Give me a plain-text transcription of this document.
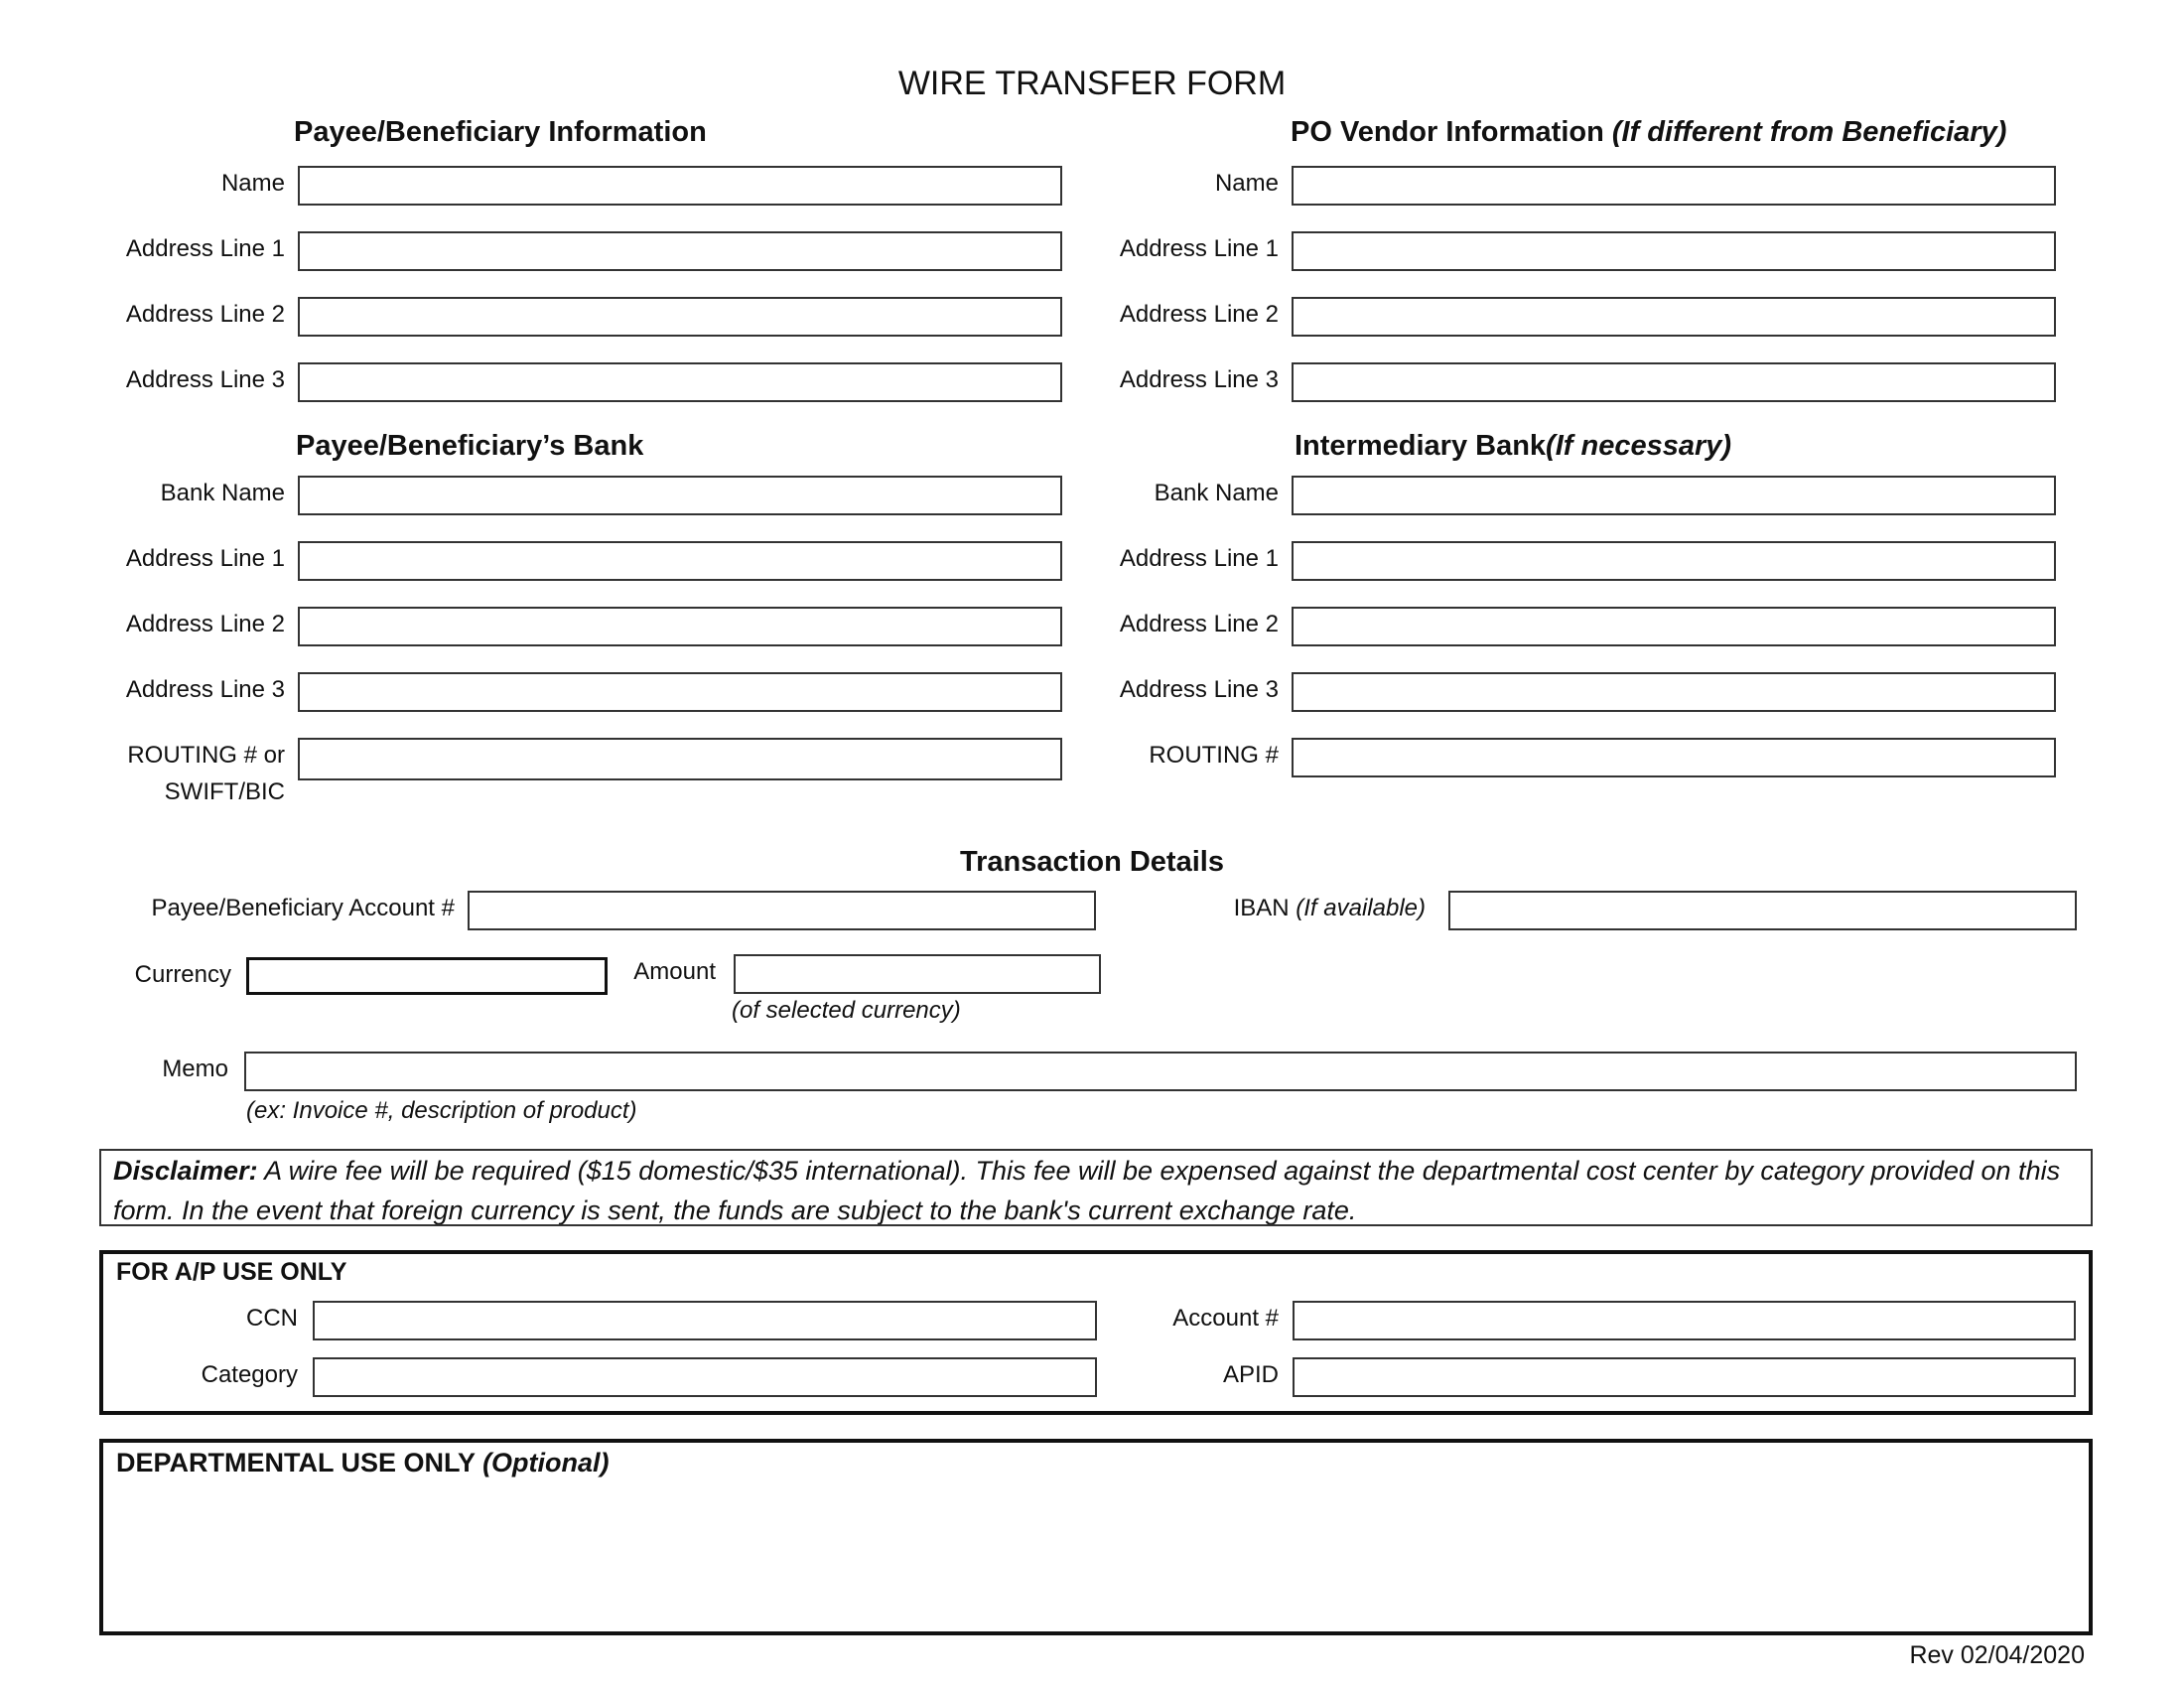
WIRE TRANSFER FORM
Payee/Beneficiary Information
Name
Address Line 1
Address Line 2
Address Line 3
PO Vendor Information (If different from Beneficiary)
Name
Address Line 1
Address Line 2
Address Line 3
Payee/Beneficiary’s Bank
Bank Name
Address Line 1
Address Line 2
Address Line 3
ROUTING # or
SWIFT/BIC
Intermediary Bank(If necessary)
Bank Name
Address Line 1
Address Line 2
Address Line 3
ROUTING #
Transaction Details
Payee/Beneficiary Account #	IBAN (If available)
Currency	Amount
(of selected currency)
Memo
(ex: Invoice #, description of product)
Disclaimer: A wire fee will be required ($15 domestic/$35 international). This fee will be expensed against the departmental cost center by category provided on this form. In the event that foreign currency is sent, the funds are subject to the bank's current exchange rate.
FOR A/P USE ONLY
CCN
Category
Account #
APID
DEPARTMENTAL USE ONLY (Optional)
Rev 02/04/2020
